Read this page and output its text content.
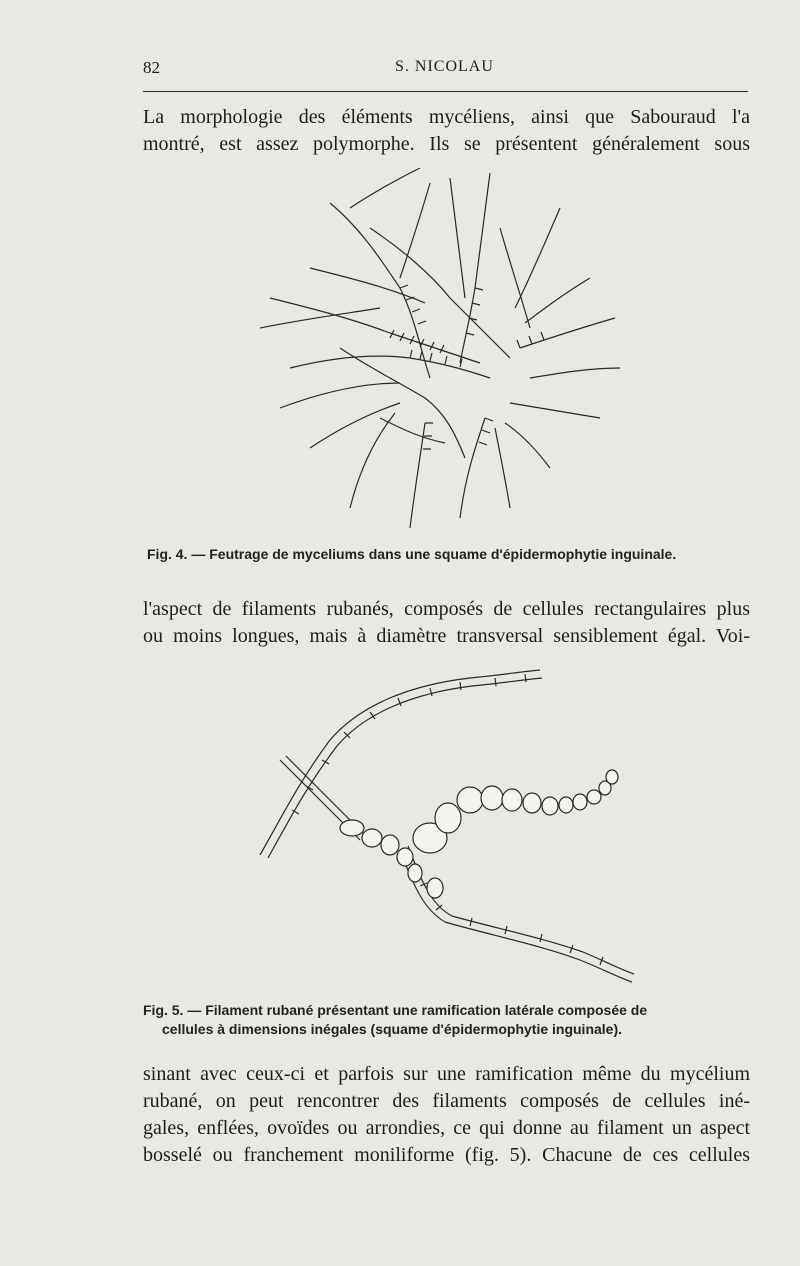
82	S. NICOLAU
La morphologie des éléments mycéliens, ainsi que Sabouraud l'a
montré, est assez polymorphe. Ils se présentent généralement sous
Fig. 4. — Feutrage de myceliums dans une squame d'épidermophytie inguinale.
l'aspect de filaments rubanés, composés de cellules rectangulaires plus
ou moins longues, mais à diamètre transversal sensiblement égal. Voi-
Fig. 5. — Filament rubané présentant une ramification latérale composée de
cellules à dimensions inégales (squame d'épidermophytie inguinale).
sinant avec ceux-ci et parfois sur une ramification même du mycélium
rubané, on peut rencontrer des filaments composés de cellules iné-
gales, enflées, ovoïdes ou arrondies, ce qui donne au filament un aspect
bosselé ou franchement moniliforme (fig. 5). Chacune de ces cellules
